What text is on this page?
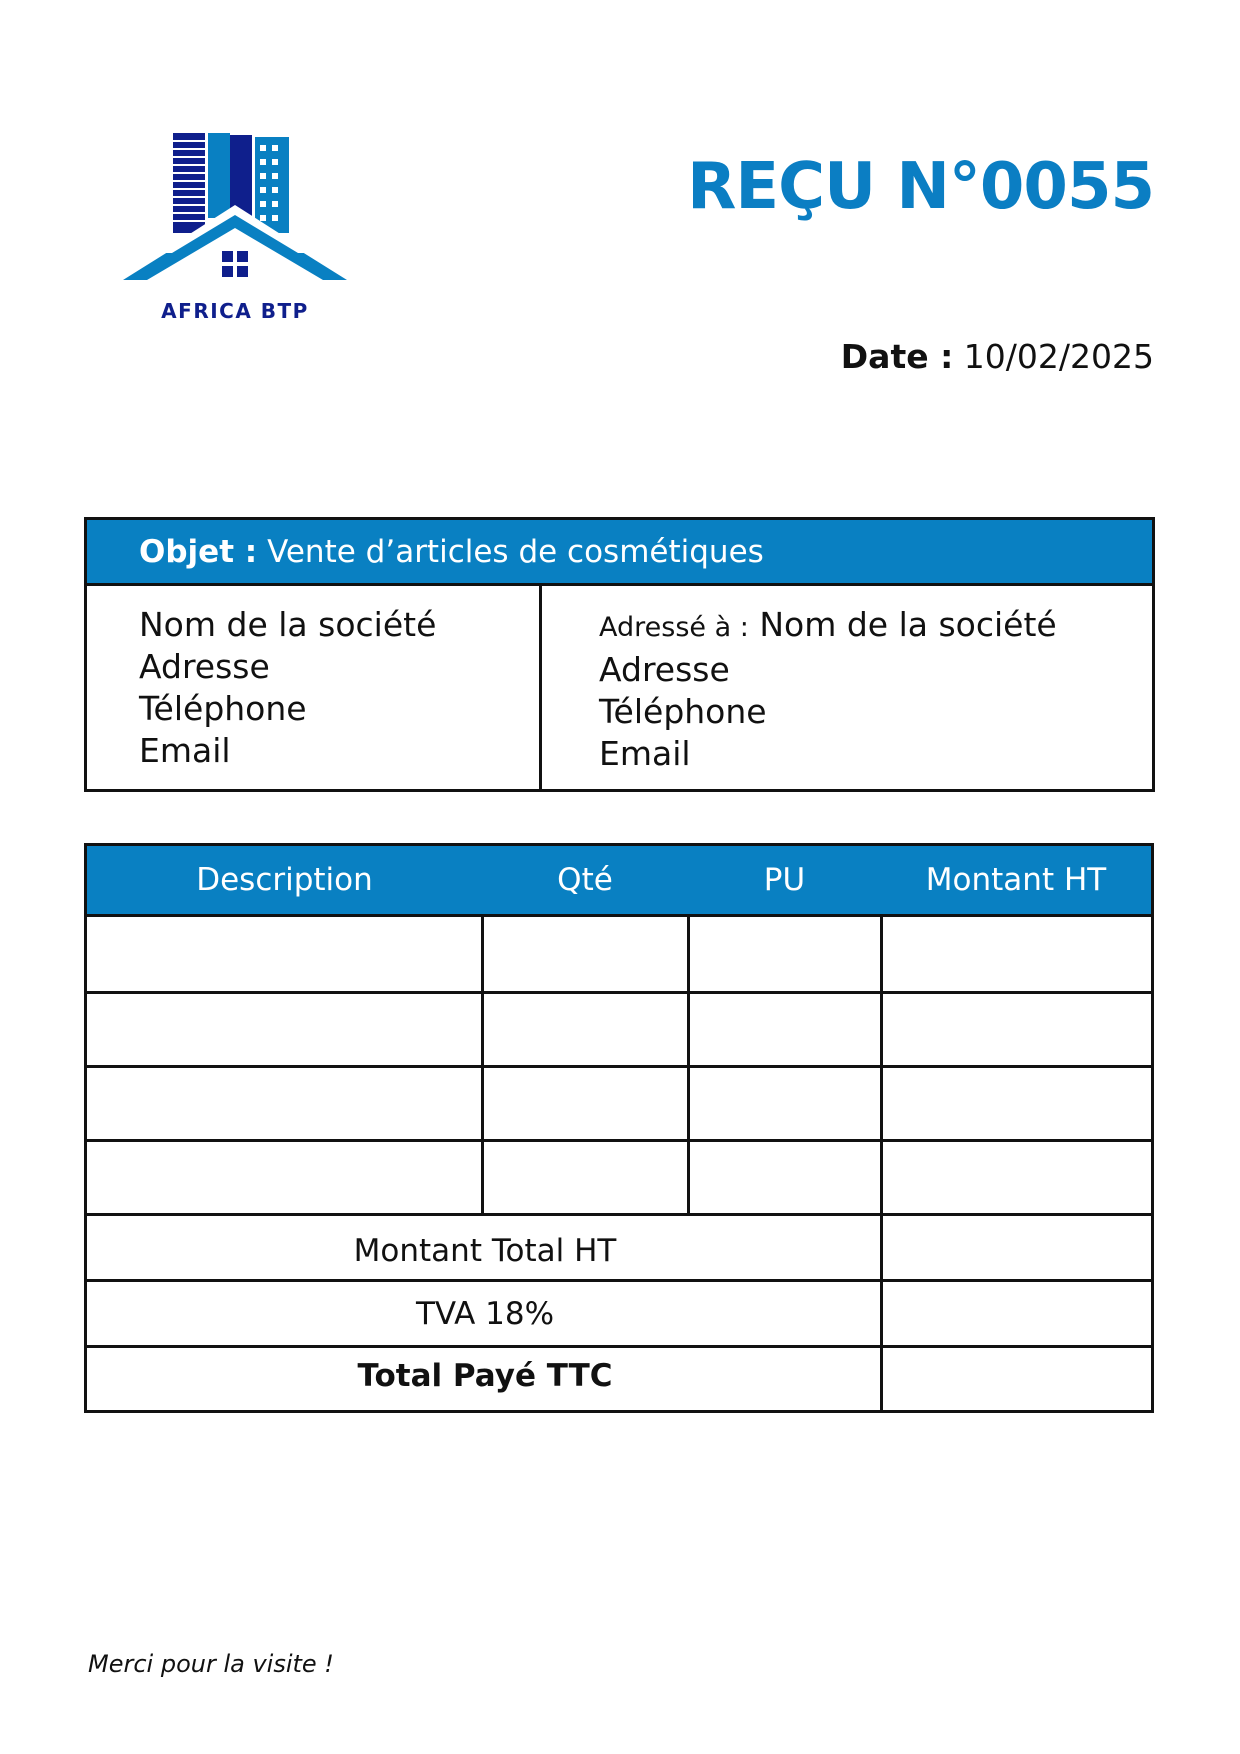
AFRICA BTP
REÇU N°0055
Date : 10/02/2025
Objet : Vente d’articles de cosmétiques
Nom de la société
Adresse
Téléphone
Email
Adressé à : Nom de la société
Adresse
Téléphone
Email
Description	Qté	PU	Montant HT
Montant Total HT
TVA 18%
Total Payé TTC
Merci pour la visite !
